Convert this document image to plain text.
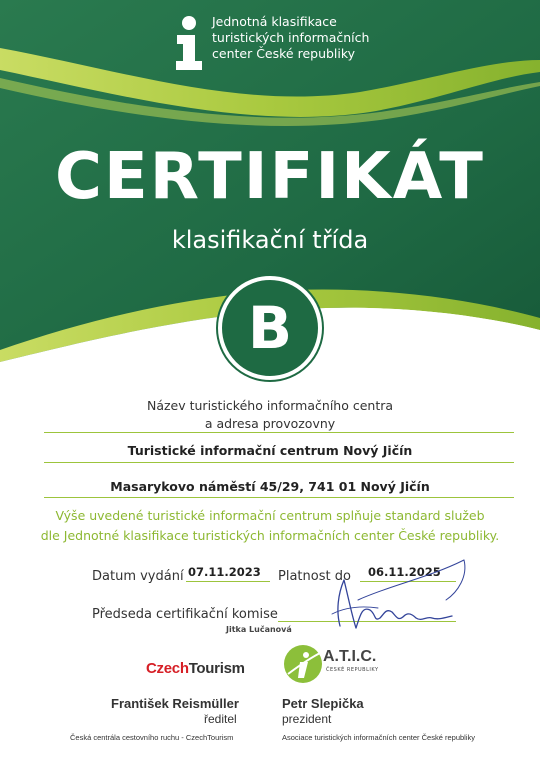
Jednotná klasifikace
turistických informačních
center České republiky
CERTIFIKÁT
klasifikační třída
B
Název turistického informačního centra
a adresa provozovny
Turistické informační centrum Nový Jičín
Masarykovo náměstí 45/29, 741 01 Nový Jičín
Výše uvedené turistické informační centrum splňuje standard služeb
dle Jednotné klasifikace turistických informačních center České republiky.
Datum vydání 07.11.2023 Platnost do 06.11.2025
Předseda certifikační komise
Jitka Lučanová
CzechTourism
A.T.I.C.
ČESKÉ REPUBLIKY
František Reismüller
ředitel
Česká centrála cestovního ruchu - CzechTourism
Petr Slepička
prezident
Asociace turistických informačních center České republiky
